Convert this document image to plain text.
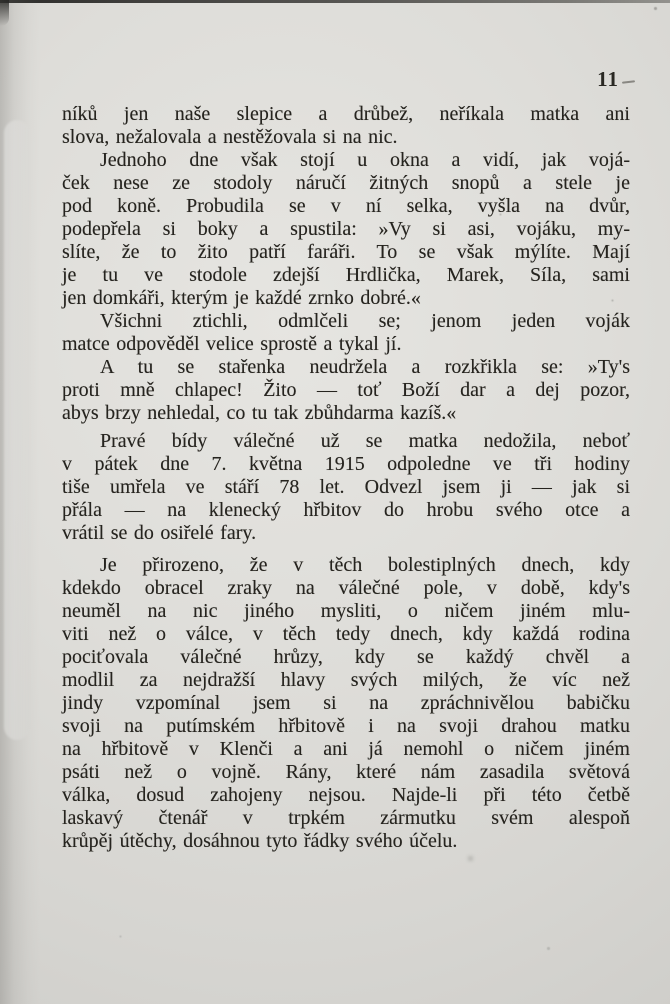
11
níků jen naše slepice a drůbež, neříkala matka ani
slova, nežalovala a nestěžovala si na nic.
Jednoho dne však stojí u okna a vidí, jak vojá-
ček nese ze stodoly náručí žitných snopů a stele je
pod koně. Probudila se v ní selka, vyšla na dvůr,
podepřela si boky a spustila: »Vy si asi, vojáku, my-
slíte, že to žito patří faráři. To se však mýlíte. Mají
je tu ve stodole zdejší Hrdlička, Marek, Síla, sami
jen domkáři, kterým je každé zrnko dobré.«
Všichni ztichli, odmlčeli se; jenom jeden voják
matce odpověděl velice sprostě a tykal jí.
A tu se stařenka neudržela a rozkřikla se: »Ty's
proti mně chlapec! Žito — toť Boží dar a dej pozor,
abys brzy nehledal, co tu tak zbůhdarma kazíš.«
Pravé bídy válečné už se matka nedožila, neboť
v pátek dne 7. května 1915 odpoledne ve tři hodiny
tiše umřela ve stáří 78 let. Odvezl jsem ji — jak si
přála — na klenecký hřbitov do hrobu svého otce a
vrátil se do osiřelé fary.
Je přirozeno, že v těch bolestiplných dnech, kdy
kdekdo obracel zraky na válečné pole, v době, kdy's
neuměl na nic jiného mysliti, o ničem jiném mlu-
viti než o válce, v těch tedy dnech, kdy každá rodina
pociťovala válečné hrůzy, kdy se každý chvěl a
modlil za nejdražší hlavy svých milých, že víc než
jindy vzpomínal jsem si na zpráchnivělou babičku
svoji na putímském hřbitově i na svoji drahou matku
na hřbitově v Klenči a ani já nemohl o ničem jiném
psáti než o vojně. Rány, které nám zasadila světová
válka, dosud zahojeny nejsou. Najde-li při této četbě
laskavý čtenář v trpkém zármutku svém alespoň
krůpěj útěchy, dosáhnou tyto řádky svého účelu.
